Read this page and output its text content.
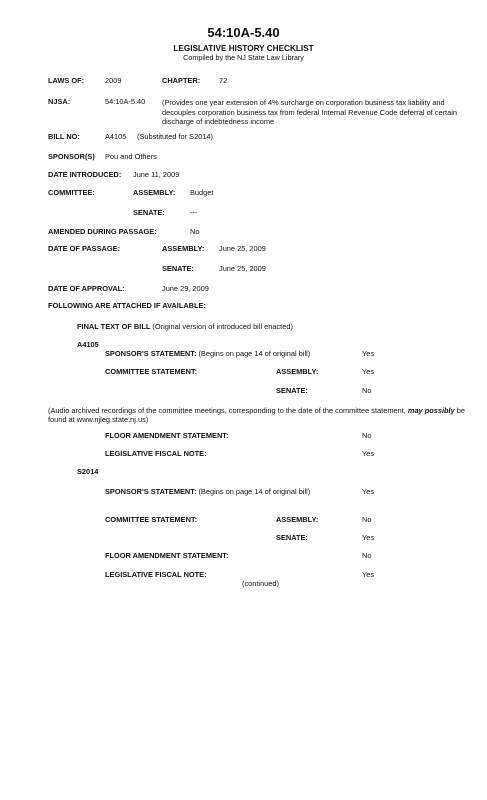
54:10A-5.40
LEGISLATIVE HISTORY CHECKLIST
Compiled by the NJ State Law Library
LAWS OF:	2009	CHAPTER:	72
NJSA:	54:10A-5.40 (Provides one year extension of 4% surcharge on corporation business tax liability and decouples corporation business tax from federal Internal Revenue Code deferral of certain discharge of indebtedness income
BILL NO:	A4105 (Substituted for S2014)
SPONSOR(S) Pou and Others
DATE INTRODUCED: June 11, 2009
COMMITTEE:	ASSEMBLY: Budget
SENATE:	---
AMENDED DURING PASSAGE:	No
DATE OF PASSAGE:	ASSEMBLY: June 25, 2009
SENATE:	June 25, 2009
DATE OF APPROVAL:	June 29, 2009
FOLLOWING ARE ATTACHED IF AVAILABLE:
FINAL TEXT OF BILL (Original version of introduced bill enacted)
A4105
SPONSOR'S STATEMENT: (Begins on page 14 of original bill)	Yes
COMMITTEE STATEMENT:	ASSEMBLY:	Yes
SENATE:	No
(Audio archived recordings of the committee meetings, corresponding to the date of the committee statement, may possibly be found at www.njleg.state.nj.us)
FLOOR AMENDMENT STATEMENT:	No
LEGISLATIVE FISCAL NOTE:	Yes
S2014
SPONSOR'S STATEMENT: (Begins on page 14 of original bill)	Yes
COMMITTEE STATEMENT:	ASSEMBLY:	No
SENATE:	Yes
FLOOR AMENDMENT STATEMENT:	No
LEGISLATIVE FISCAL NOTE:	Yes
(continued)
